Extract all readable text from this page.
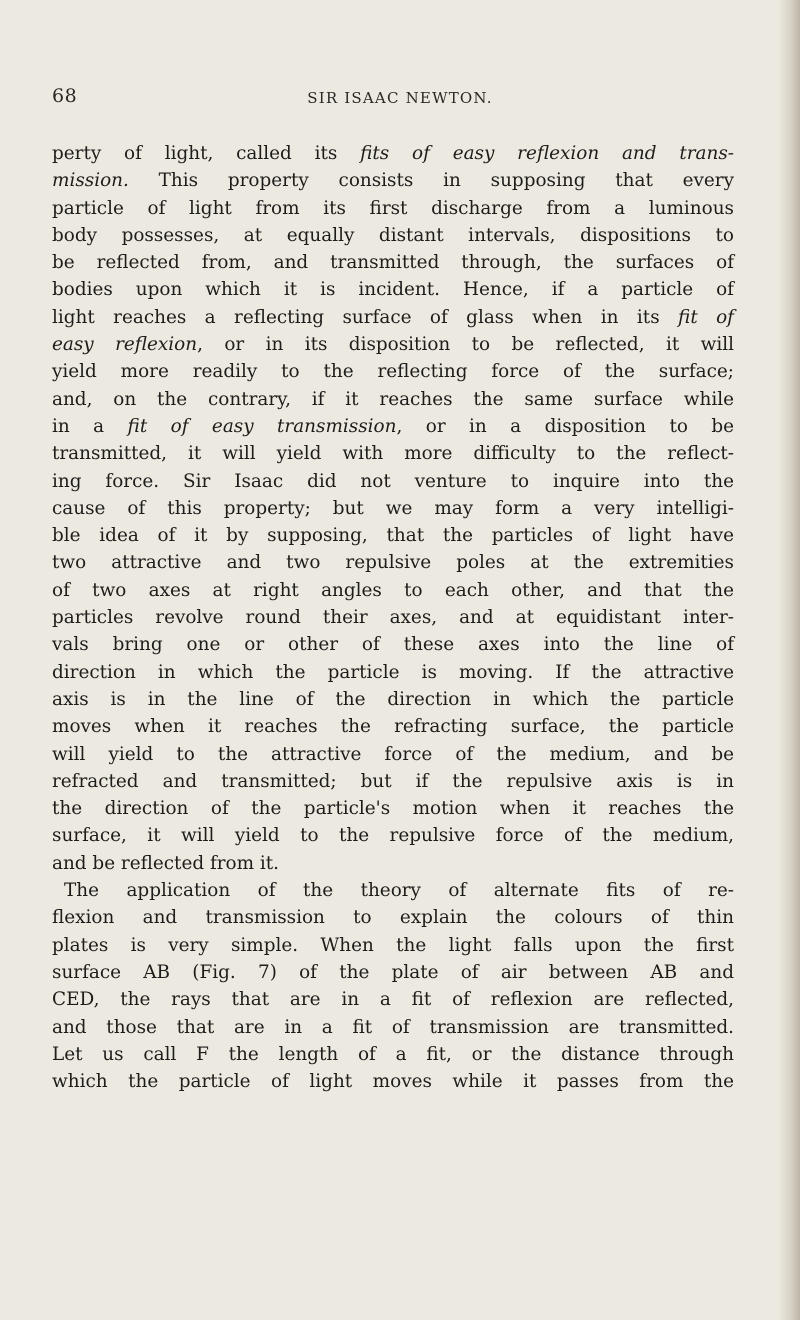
68	SIR ISAAC NEWTON.
perty of light, called its fits of easy reflexion and trans-
mission. This property consists in supposing that every
particle of light from its first discharge from a luminous
body possesses, at equally distant intervals, dispositions to
be reflected from, and transmitted through, the surfaces of
bodies upon which it is incident. Hence, if a particle of
light reaches a reflecting surface of glass when in its fit of
easy reflexion, or in its disposition to be reflected, it will
yield more readily to the reflecting force of the surface;
and, on the contrary, if it reaches the same surface while
in a fit of easy transmission, or in a disposition to be
transmitted, it will yield with more difficulty to the reflect-
ing force. Sir Isaac did not venture to inquire into the
cause of this property; but we may form a very intelligi-
ble idea of it by supposing, that the particles of light have
two attractive and two repulsive poles at the extremities
of two axes at right angles to each other, and that the
particles revolve round their axes, and at equidistant inter-
vals bring one or other of these axes into the line of
direction in which the particle is moving. If the attractive
axis is in the line of the direction in which the particle
moves when it reaches the refracting surface, the particle
will yield to the attractive force of the medium, and be
refracted and transmitted; but if the repulsive axis is in
the direction of the particle's motion when it reaches the
surface, it will yield to the repulsive force of the medium,
and be reflected from it.
The application of the theory of alternate fits of re-
flexion and transmission to explain the colours of thin
plates is very simple. When the light falls upon the first
surface AB (Fig. 7) of the plate of air between AB and
CED, the rays that are in a fit of reflexion are reflected,
and those that are in a fit of transmission are transmitted.
Let us call F the length of a fit, or the distance through
which the particle of light moves while it passes from the
